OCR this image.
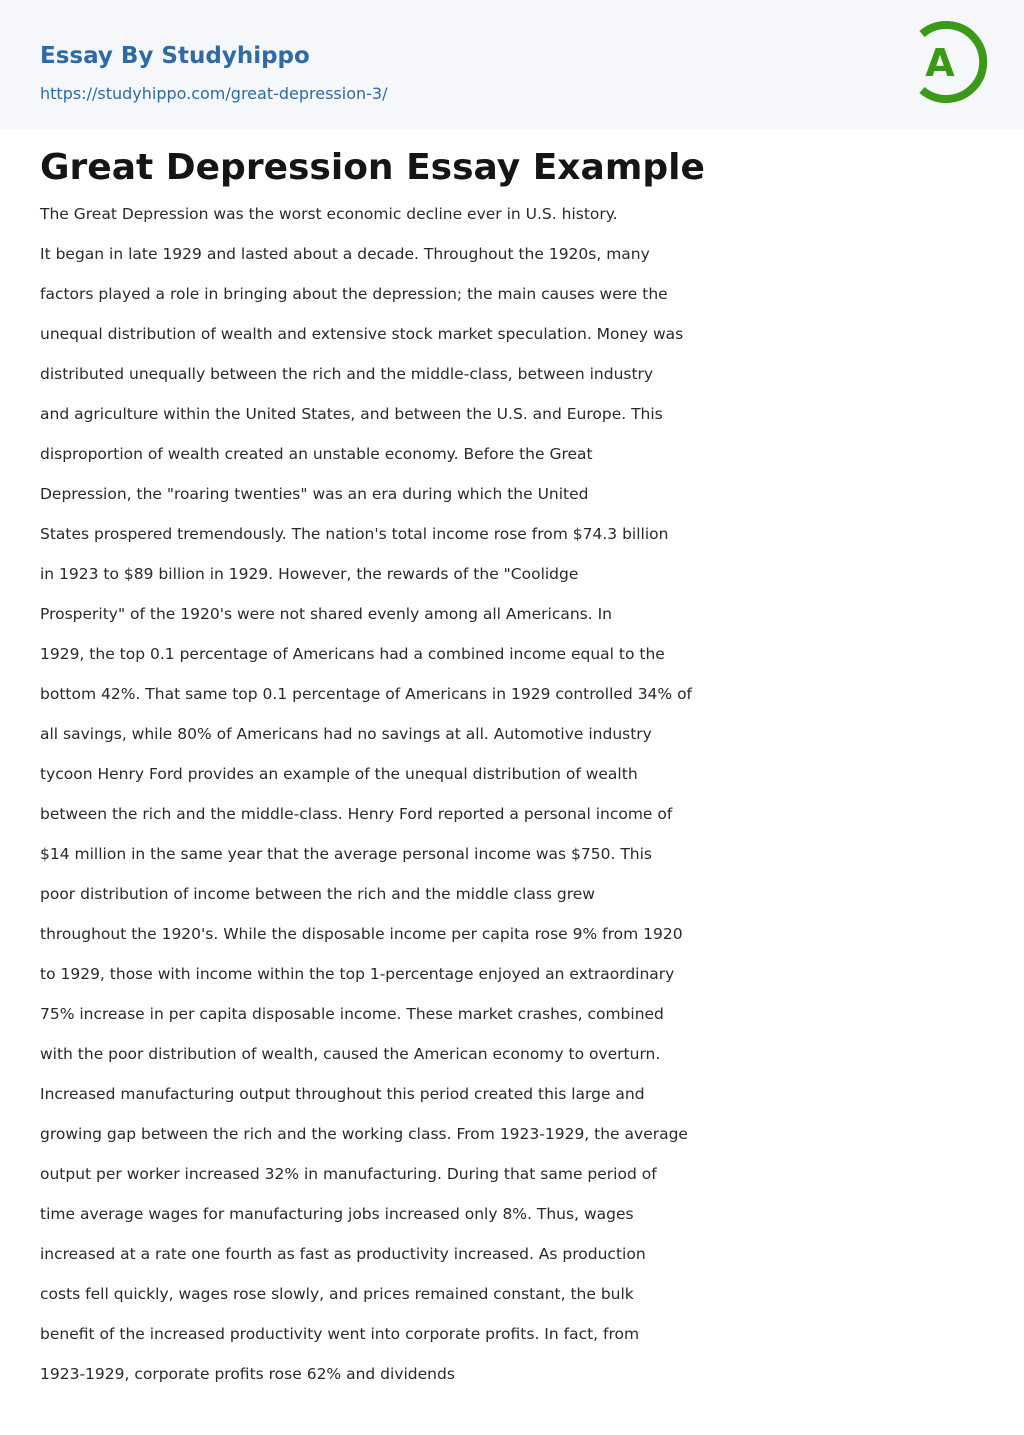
Essay By Studyhippo
https://studyhippo.com/great-depression-3/
A
Great Depression Essay Example
The Great Depression was the worst economic decline ever in U.S. history.
It began in late 1929 and lasted about a decade. Throughout the 1920s, many
factors played a role in bringing about the depression; the main causes were the
unequal distribution of wealth and extensive stock market speculation. Money was
distributed unequally between the rich and the middle-class, between industry
and agriculture within the United States, and between the U.S. and Europe. This
disproportion of wealth created an unstable economy. Before the Great
Depression, the "roaring twenties" was an era during which the United
States prospered tremendously. The nation's total income rose from $74.3 billion
in 1923 to $89 billion in 1929. However, the rewards of the "Coolidge
Prosperity" of the 1920's were not shared evenly among all Americans. In
1929, the top 0.1 percentage of Americans had a combined income equal to the
bottom 42%. That same top 0.1 percentage of Americans in 1929 controlled 34% of
all savings, while 80% of Americans had no savings at all. Automotive industry
tycoon Henry Ford provides an example of the unequal distribution of wealth
between the rich and the middle-class. Henry Ford reported a personal income of
$14 million in the same year that the average personal income was $750. This
poor distribution of income between the rich and the middle class grew
throughout the 1920's. While the disposable income per capita rose 9% from 1920
to 1929, those with income within the top 1-percentage enjoyed an extraordinary
75% increase in per capita disposable income. These market crashes, combined
with the poor distribution of wealth, caused the American economy to overturn.
Increased manufacturing output throughout this period created this large and
growing gap between the rich and the working class. From 1923-1929, the average
output per worker increased 32% in manufacturing. During that same period of
time average wages for manufacturing jobs increased only 8%. Thus, wages
increased at a rate one fourth as fast as productivity increased. As production
costs fell quickly, wages rose slowly, and prices remained constant, the bulk
benefit of the increased productivity went into corporate profits. In fact, from
1923-1929, corporate profits rose 62% and dividends
